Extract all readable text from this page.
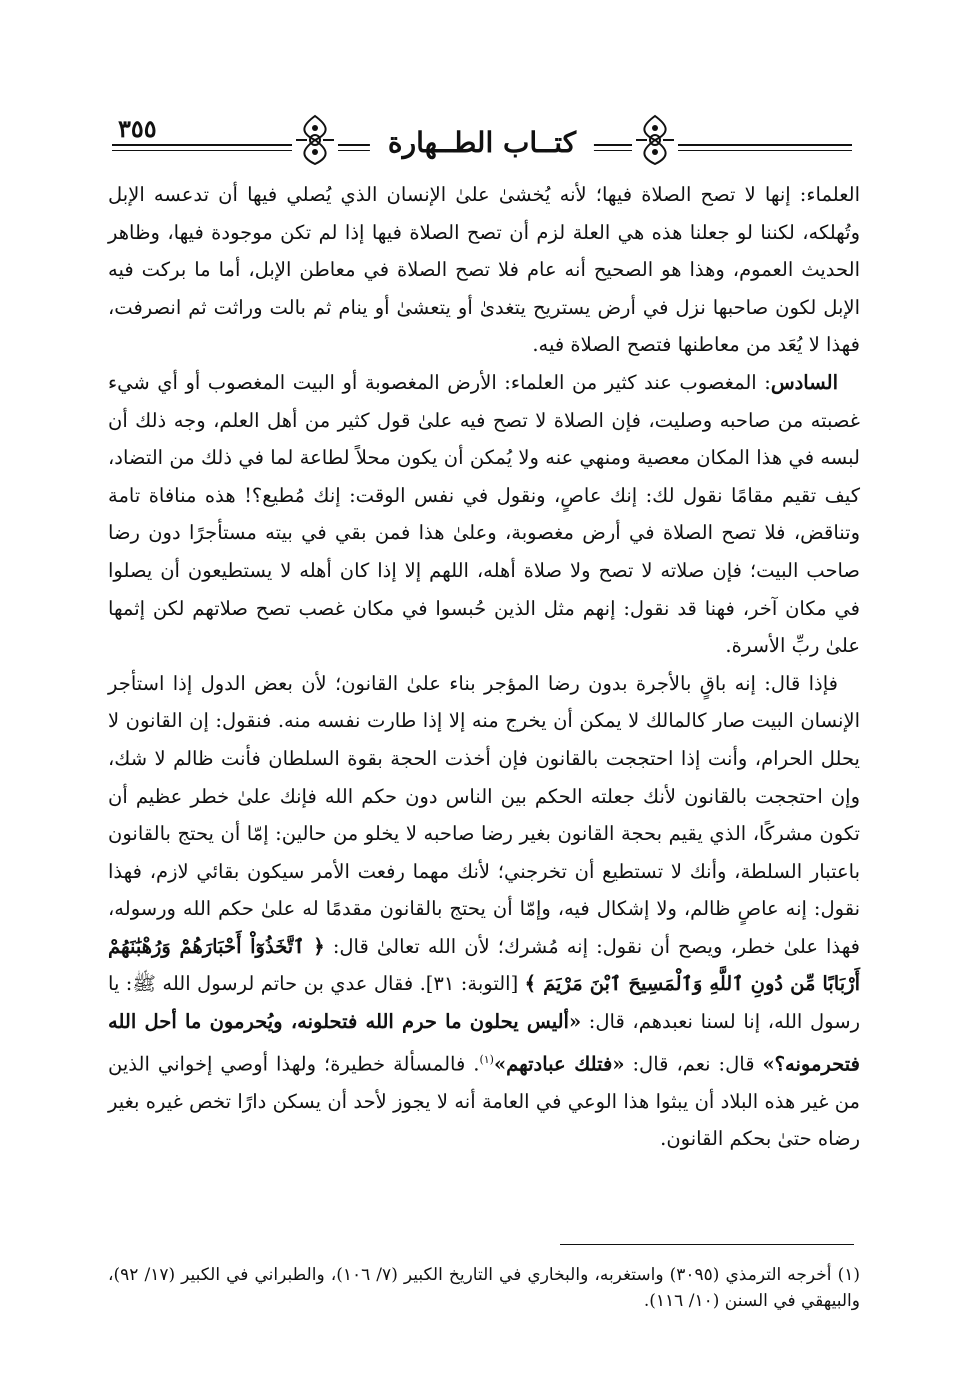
٣٥٥	كتــاب الطــهارة

العلماء: إنها لا تصح الصلاة فيها؛ لأنه يُخشىٰ علىٰ الإنسان الذي يُصلي فيها أن تدعسه الإبل وتُهلكه، لكننا لو جعلنا هذه هي العلة لزم أن تصح الصلاة فيها إذا لم تكن موجودة فيها، وظاهر الحديث العموم، وهذا هو الصحيح أنه عام فلا تصح الصلاة في معاطن الإبل، أما ما بركت فيه الإبل لكون صاحبها نزل في أرض يستريح يتغدىٰ أو يتعشىٰ أو ينام ثم بالت وراثت ثم انصرفت، فهذا لا يُعَد من معاطنها فتصح الصلاة فيه.

السادس: المغصوب عند كثير من العلماء: الأرض المغصوبة أو البيت المغصوب أو أي شيء غصبته من صاحبه وصليت، فإن الصلاة لا تصح فيه علىٰ قول كثير من أهل العلم، وجه ذلك أن لبسه في هذا المكان معصية ومنهي عنه ولا يُمكن أن يكون محلاً لطاعة لما في ذلك من التضاد، كيف تقيم مقامًا نقول لك: إنك عاصٍ، ونقول في نفس الوقت: إنك مُطيع؟! هذه منافاة تامة وتناقض، فلا تصح الصلاة في أرض مغصوبة، وعلىٰ هذا فمن بقي في بيته مستأجرًا دون رضا صاحب البيت؛ فإن صلاته لا تصح ولا صلاة أهله، اللهم إلا إذا كان أهله لا يستطيعون أن يصلوا في مكان آخر، فهنا قد نقول: إنهم مثل الذين حُبسوا في مكان غصب تصح صلاتهم لكن إثمها علىٰ ربِّ الأسرة.

فإذا قال: إنه باقٍ بالأجرة بدون رضا المؤجر بناء علىٰ القانون؛ لأن بعض الدول إذا استأجر الإنسان البيت صار كالمالك لا يمكن أن يخرج منه إلا إذا طارت نفسه منه. فنقول: إن القانون لا يحلل الحرام، وأنت إذا احتججت بالقانون فإن أخذت الحجة بقوة السلطان فأنت ظالم لا شك، وإن احتججت بالقانون لأنك جعلته الحكم بين الناس دون حكم الله فإنك علىٰ خطر عظيم أن تكون مشركًا، الذي يقيم بحجة القانون بغير رضا صاحبه لا يخلو من حالين: إمّا أن يحتج بالقانون باعتبار السلطة، وأنك لا تستطيع أن تخرجني؛ لأنك مهما رفعت الأمر سيكون بقائي لازم، فهذا نقول: إنه عاصٍ ظالم، ولا إشكال فيه، وإمّا أن يحتج بالقانون مقدمًا له علىٰ حكم الله ورسوله، فهذا علىٰ خطر، ويصح أن نقول: إنه مُشرك؛ لأن الله تعالىٰ قال: ﴿ ٱتَّخَذُوٓاْ أَحْبَارَهُمْ وَرُهْبَٰنَهُمْ أَرْبَابًا مِّن دُونِ ٱللَّهِ وَٱلْمَسِيحَ ٱبْنَ مَرْيَمَ ﴾ [التوبة: ٣١]. فقال عدي بن حاتم لرسول الله ﷺ: يا رسول الله، إنا لسنا نعبدهم، قال: «أليس يحلون ما حرم الله فتحلونه، ويُحرمون ما أحل الله فتحرمونه؟» قال: نعم، قال: «فتلك عبادتهم»$^{(١)}$. فالمسألة خطيرة؛ ولهذا أوصي إخواني الذين من غير هذه البلاد أن يبثوا هذا الوعي في العامة أنه لا يجوز لأحد أن يسكن دارًا تخص غيره بغير رضاه حتىٰ بحكم القانون.

(١) أخرجه الترمذي (٣٠٩٥) واستغربه، والبخاري في التاريخ الكبير (٧/ ١٠٦)، والطبراني في الكبير (١٧/ ٩٢)، والبيهقي في السنن (١٠/ ١١٦).
